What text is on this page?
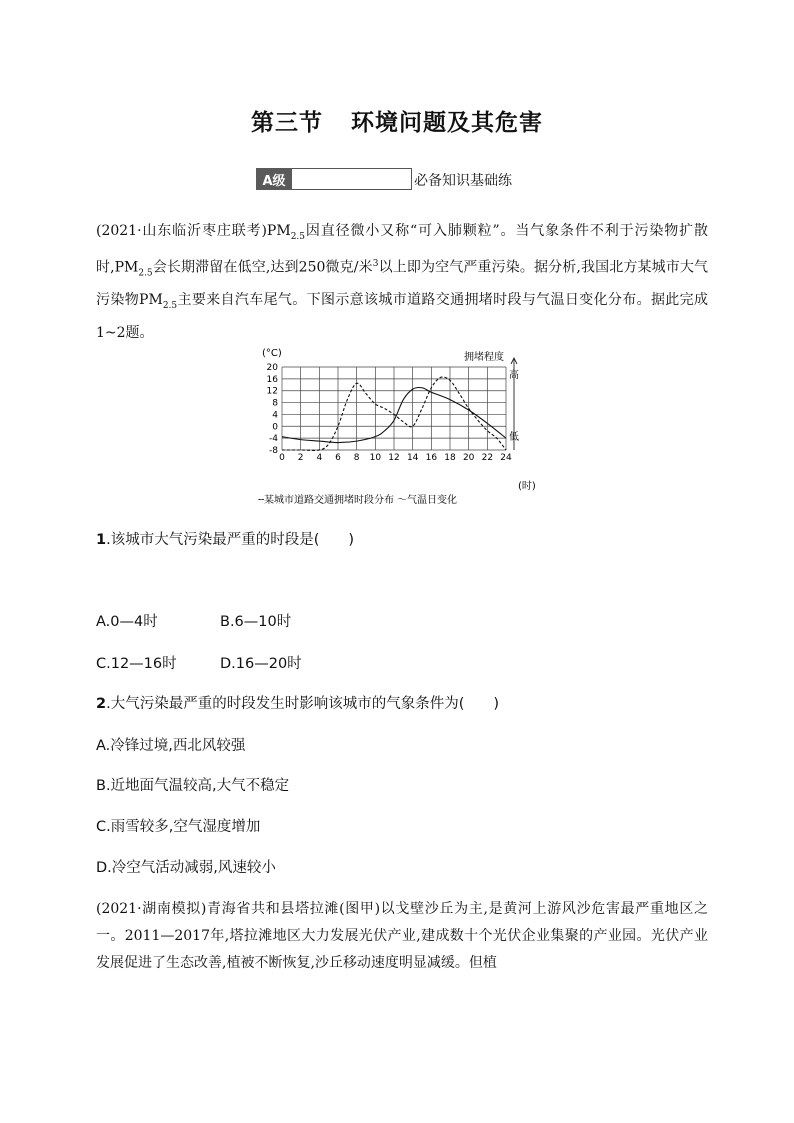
第三节 环境问题及其危害
A级	必备知识基础练
(2021·山东临沂枣庄联考)$PM_{2.5}$因直径微小又称“可入肺颗粒”。当气象条件不利于污染物扩散时$,PM_{2.5}$会长期滞留在低空,达到250微克/米$^3$以上即为空气严重污染。据分析,我国北方某城市大气污染物$PM_{2.5}$主要来自汽车尾气。下图示意该城市道路交通拥堵时段与气温日变化分布。据此完成1~2题。
(°C)	拥堵程度
高
低
(时)
0 2 4 6 8 10 12 14 16 18 20 22 24
-8
-4
0
4
8
12
16
20
╌某城市道路交通拥堵时段分布 ～气温日变化
1.该城市大气污染最严重的时段是(　　)
A.0—4时	B.6—10时
C.12—16时	D.16—20时
2.大气污染最严重的时段发生时影响该城市的气象条件为(　　)
A.冷锋过境,西北风较强
B.近地面气温较高,大气不稳定
C.雨雪较多,空气湿度增加
D.冷空气活动减弱,风速较小
(2021·湖南模拟)青海省共和县塔拉滩(图甲)以戈壁沙丘为主,是黄河上游风沙危害最严重地区之一。2011—2017年,塔拉滩地区大力发展光伏产业,建成数十个光伏企业集聚的产业园。光伏产业发展促进了生态改善,植被不断恢复,沙丘移动速度明显减缓。但植
